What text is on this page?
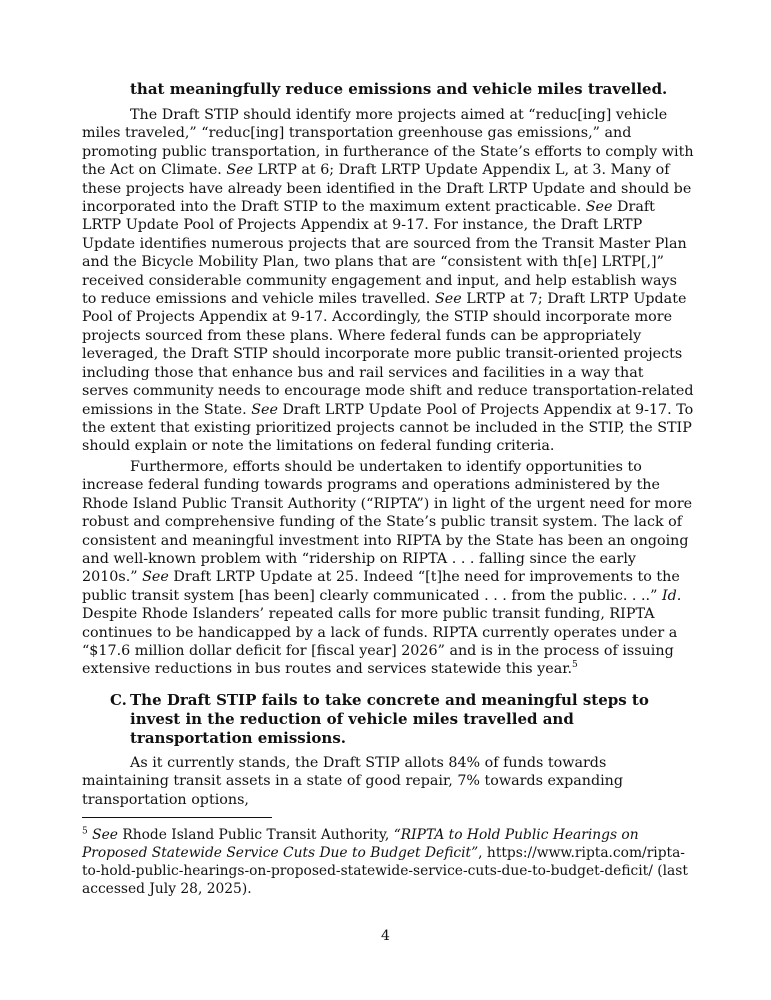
that meaningfully reduce emissions and vehicle miles travelled.

The Draft STIP should identify more projects aimed at “reduc[ing] vehicle miles traveled,” “reduc[ing] transportation greenhouse gas emissions,” and promoting public transportation, in furtherance of the State’s efforts to comply with the Act on Climate. See LRTP at 6; Draft LRTP Update Appendix L, at 3. Many of these projects have already been identified in the Draft LRTP Update and should be incorporated into the Draft STIP to the maximum extent practicable. See Draft LRTP Update Pool of Projects Appendix at 9-17. For instance, the Draft LRTP Update identifies numerous projects that are sourced from the Transit Master Plan and the Bicycle Mobility Plan, two plans that are “consistent with th[e] LRTP[,]” received considerable community engagement and input, and help establish ways to reduce emissions and vehicle miles travelled. See LRTP at 7; Draft LRTP Update Pool of Projects Appendix at 9-17. Accordingly, the STIP should incorporate more projects sourced from these plans. Where federal funds can be appropriately leveraged, the Draft STIP should incorporate more public transit-oriented projects including those that enhance bus and rail services and facilities in a way that serves community needs to encourage mode shift and reduce transportation-related emissions in the State. See Draft LRTP Update Pool of Projects Appendix at 9-17. To the extent that existing prioritized projects cannot be included in the STIP, the STIP should explain or note the limitations on federal funding criteria.

Furthermore, efforts should be undertaken to identify opportunities to increase federal funding towards programs and operations administered by the Rhode Island Public Transit Authority (“RIPTA”) in light of the urgent need for more robust and comprehensive funding of the State’s public transit system. The lack of consistent and meaningful investment into RIPTA by the State has been an ongoing and well-known problem with “ridership on RIPTA . . . falling since the early 2010s.” See Draft LRTP Update at 25. Indeed “[t]he need for improvements to the public transit system [has been] clearly communicated . . . from the public. . ..” Id. Despite Rhode Islanders’ repeated calls for more public transit funding, RIPTA continues to be handicapped by a lack of funds. RIPTA currently operates under a “$17.6 million dollar deficit for [fiscal year] 2026” and is in the process of issuing extensive reductions in bus routes and services statewide this year.$^5$

C. The Draft STIP fails to take concrete and meaningful steps to invest in the reduction of vehicle miles travelled and transportation emissions.

As it currently stands, the Draft STIP allots 84% of funds towards maintaining transit assets in a state of good repair, 7% towards expanding transportation options,

$^5$ See Rhode Island Public Transit Authority, “RIPTA to Hold Public Hearings on Proposed Statewide Service Cuts Due to Budget Deficit”, https://www.ripta.com/ripta-to-hold-public-hearings-on-proposed-statewide-service-cuts-due-to-budget-deficit/ (last accessed July 28, 2025).
4
